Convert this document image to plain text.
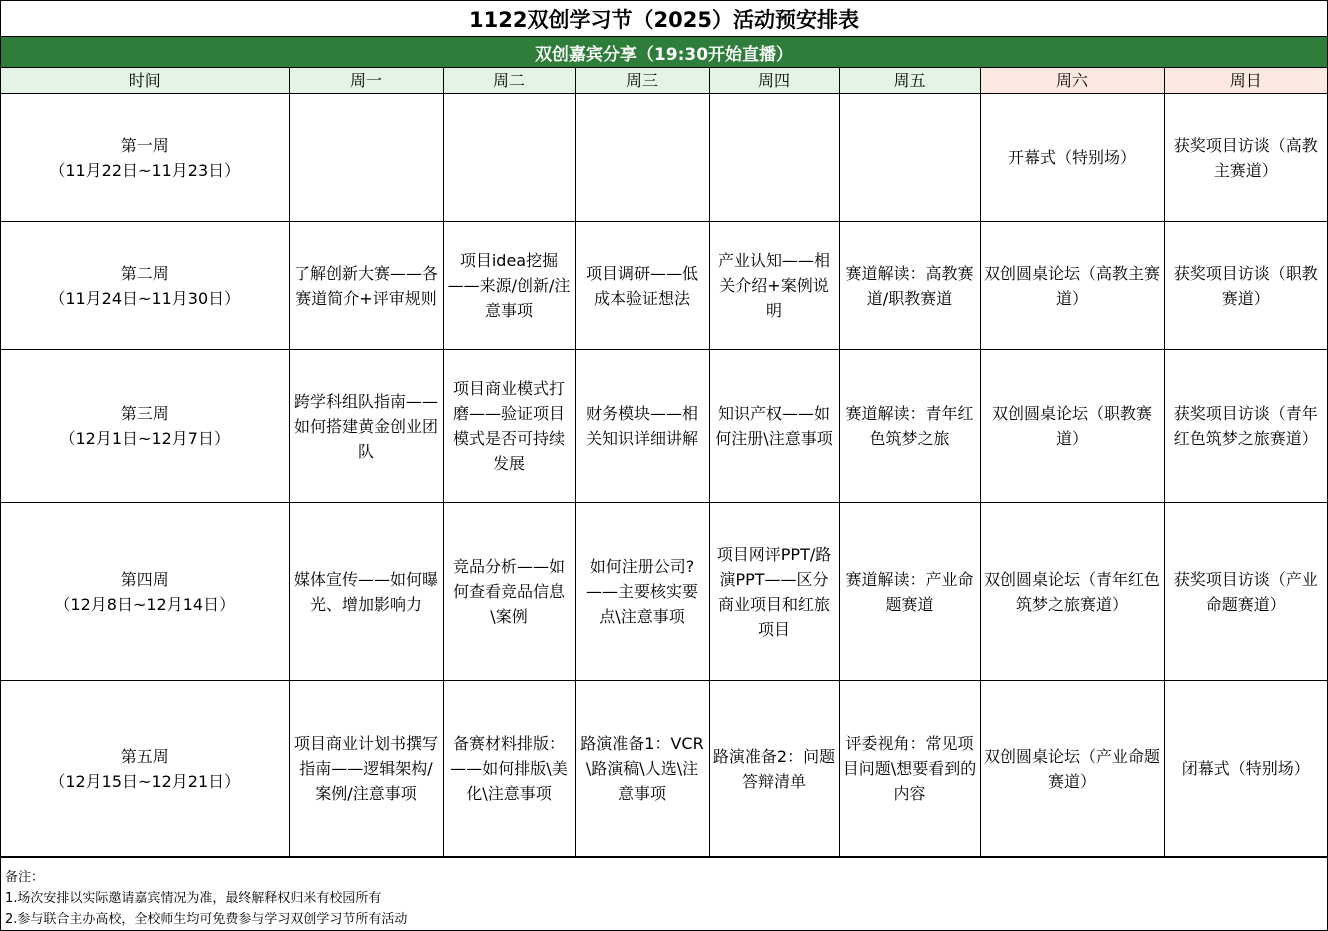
1122双创学习节（2025）活动预安排表
双创嘉宾分享（19:30开始直播）
时间	周一	周二	周三	周四	周五	周六	周日

第一周
（11月22日~11月23日）						开幕式（特别场）	获奖项目访谈（高教主赛道）

第二周
（11月24日~11月30日）	了解创新大赛——各赛道简介+评审规则	项目idea挖掘——来源/创新/注意事项	项目调研——低成本验证想法	产业认知——相关介绍+案例说明	赛道解读：高教赛道/职教赛道	双创圆桌论坛（高教主赛道）	获奖项目访谈（职教赛道）

第三周
（12月1日~12月7日）	跨学科组队指南——如何搭建黄金创业团队	项目商业模式打磨——验证项目模式是否可持续发展	财务模块——相关知识详细讲解	知识产权——如何注册\注意事项	赛道解读：青年红色筑梦之旅	双创圆桌论坛（职教赛道）	获奖项目访谈（青年红色筑梦之旅赛道）

第四周
（12月8日~12月14日）	媒体宣传——如何曝光、增加影响力	竞品分析——如何查看竞品信息\案例	如何注册公司?——主要核实要点\注意事项	项目网评PPT/路演PPT——区分商业项目和红旅项目	赛道解读：产业命题赛道	双创圆桌论坛（青年红色筑梦之旅赛道）	获奖项目访谈（产业命题赛道）

第五周
（12月15日~12月21日）	项目商业计划书撰写指南——逻辑架构/案例/注意事项	备赛材料排版：——如何排版\美化\注意事项	路演准备1：VCR\路演稿\人选\注意事项	路演准备2：问题答辩清单	评委视角：常见项目问题\想要看到的内容	双创圆桌论坛（产业命题赛道）	闭幕式（特别场）
备注：
1.场次安排以实际邀请嘉宾情况为准，最终解释权归米有校园所有
2.参与联合主办高校，全校师生均可免费参与学习双创学习节所有活动
